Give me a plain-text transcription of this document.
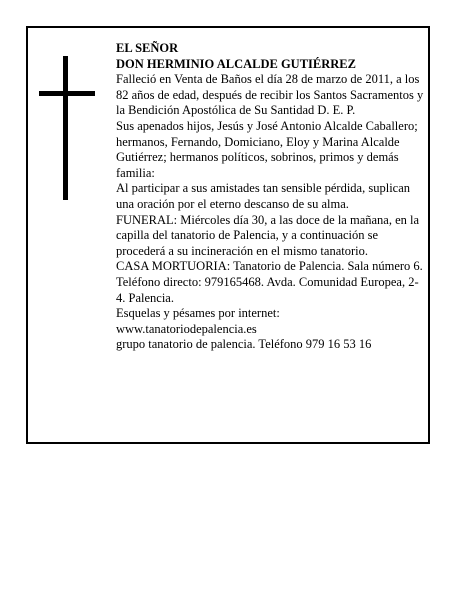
EL SEÑOR

DON HERMINIO ALCALDE GUTIÉRREZ

Falleció en Venta de Baños el día 28 de marzo de 2011, a los 82 años de edad, después de recibir los Santos Sacramentos y la Bendición Apostólica de Su Santidad D. E. P.

Sus apenados hijos, Jesús y José Antonio Alcalde Caballero; hermanos, Fernando, Domiciano, Eloy y Marina Alcalde Gutiérrez; hermanos políticos, sobrinos, primos y demás familia:

Al participar a sus amistades tan sensible pérdida, suplican una oración por el eterno descanso de su alma.

FUNERAL: Miércoles día 30, a las doce de la mañana, en la capilla del tanatorio de Palencia, y a continuación se procederá a su incineración en el mismo tanatorio.

CASA MORTUORIA: Tanatorio de Palencia. Sala número 6. Teléfono directo: 979165468. Avda. Comunidad Europea, 2-4. Palencia.

Esquelas y pésames por internet:

www.tanatoriodepalencia.es

grupo tanatorio de palencia. Teléfono 979 16 53 16
